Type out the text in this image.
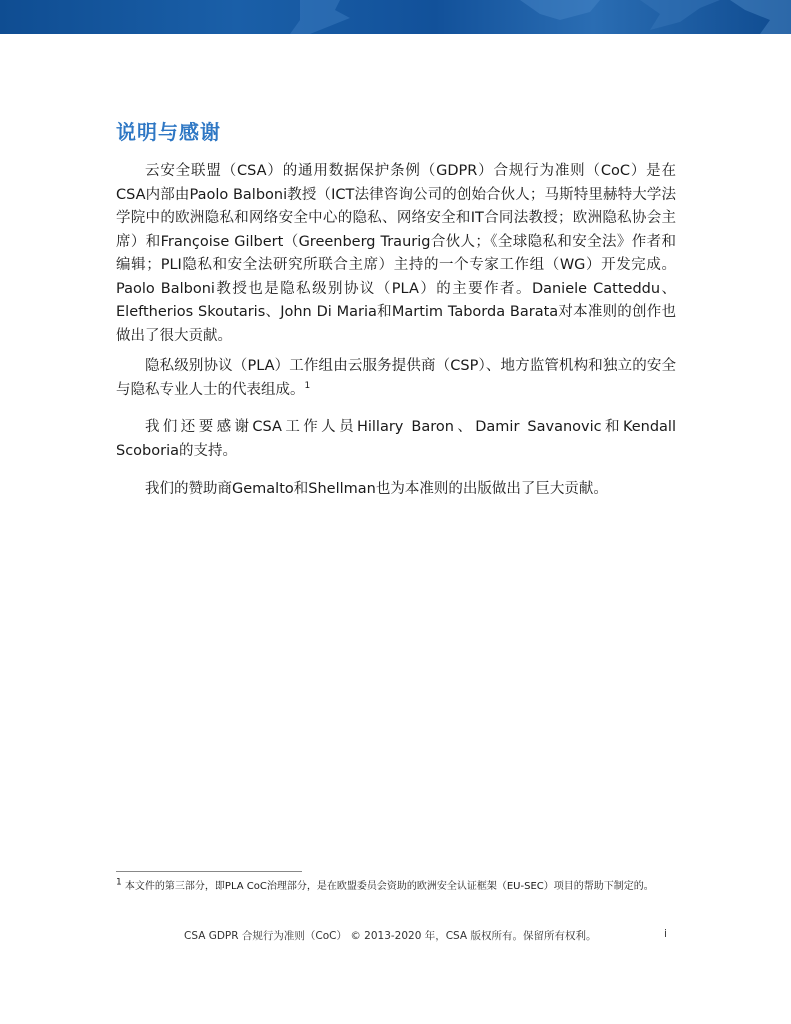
说明与感谢

云安全联盟（CSA）的通用数据保护条例（GDPR）合规行为准则（CoC）是在CSA内部由Paolo Balboni教授（ICT法律咨询公司的创始合伙人；马斯特里赫特大学法学院中的欧洲隐私和网络安全中心的隐私、网络安全和IT合同法教授；欧洲隐私协会主席）和Françoise Gilbert（Greenberg Traurig合伙人；《全球隐私和安全法》作者和编辑；PLI隐私和安全法研究所联合主席）主持的一个专家工作组（WG）开发完成。Paolo Balboni教授也是隐私级别协议（PLA）的主要作者。Daniele Catteddu、Eleftherios Skoutaris、John Di Maria和Martim Taborda Barata对本准则的创作也做出了很大贡献。

隐私级别协议（PLA）工作组由云服务提供商（CSP）、地方监管机构和独立的安全与隐私专业人士的代表组成。$^1$

我们还要感谢CSA工作人员Hillary Baron、Damir Savanovic和Kendall Scoboria的支持。

我们的赞助商Gemalto和Shellman也为本准则的出版做出了巨大贡献。

$^1$ 本文件的第三部分，即PLA CoC治理部分，是在欧盟委员会资助的欧洲安全认证框架（EU-SEC）项目的帮助下制定的。

CSA GDPR 合规行为准则（CoC） © 2013-2020 年，CSA 版权所有。保留所有权利。	i
